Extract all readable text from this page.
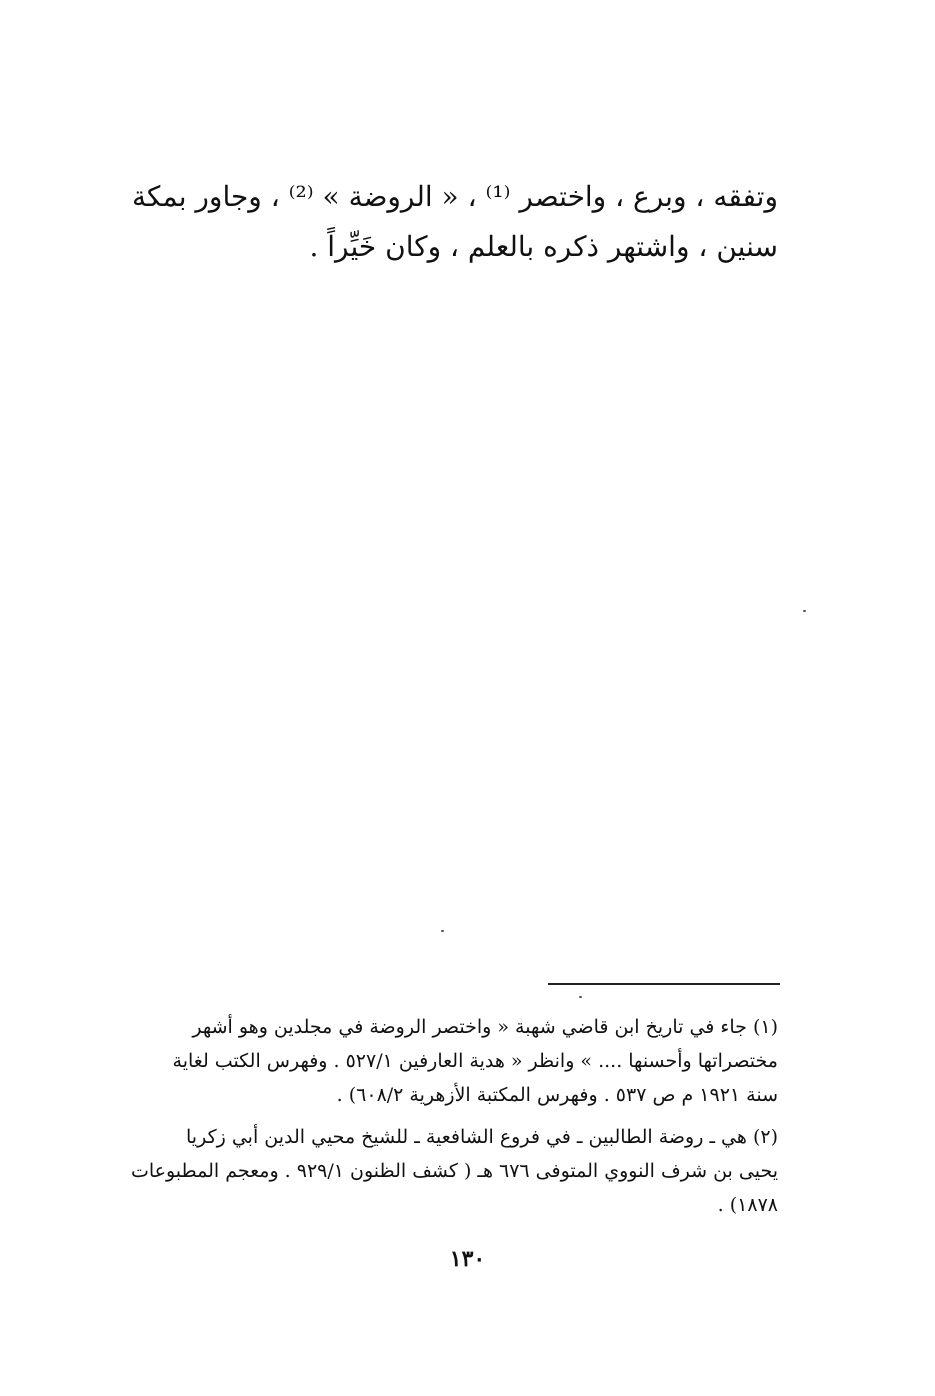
وتفقه ، وبرع ، واختصر ⁽¹⁾ ، « الروضة » ⁽²⁾ ، وجاور بمكة
سنين ، واشتهر ذكره بالعلم ، وكان خَيِّراً .
(١) جاء في تاريخ ابن قاضي شهبة « واختصر الروضة في مجلدين وهو أشهر
مختصراتها وأحسنها .... » وانظر « هدية العارفين ٥٢٧/١ . وفهرس الكتب لغاية
سنة ١٩٢١ م ص ٥٣٧ . وفهرس المكتبة الأزهرية ٦٠٨/٢) .
(٢) هي ـ روضة الطالبين ـ في فروع الشافعية ـ للشيخ محيي الدين أبي زكريا
يحيى بن شرف النووي المتوفى ٦٧٦ هـ ( كشف الظنون ٩٢٩/١ . ومعجم المطبوعات
١٨٧٨) .
١٣٠
